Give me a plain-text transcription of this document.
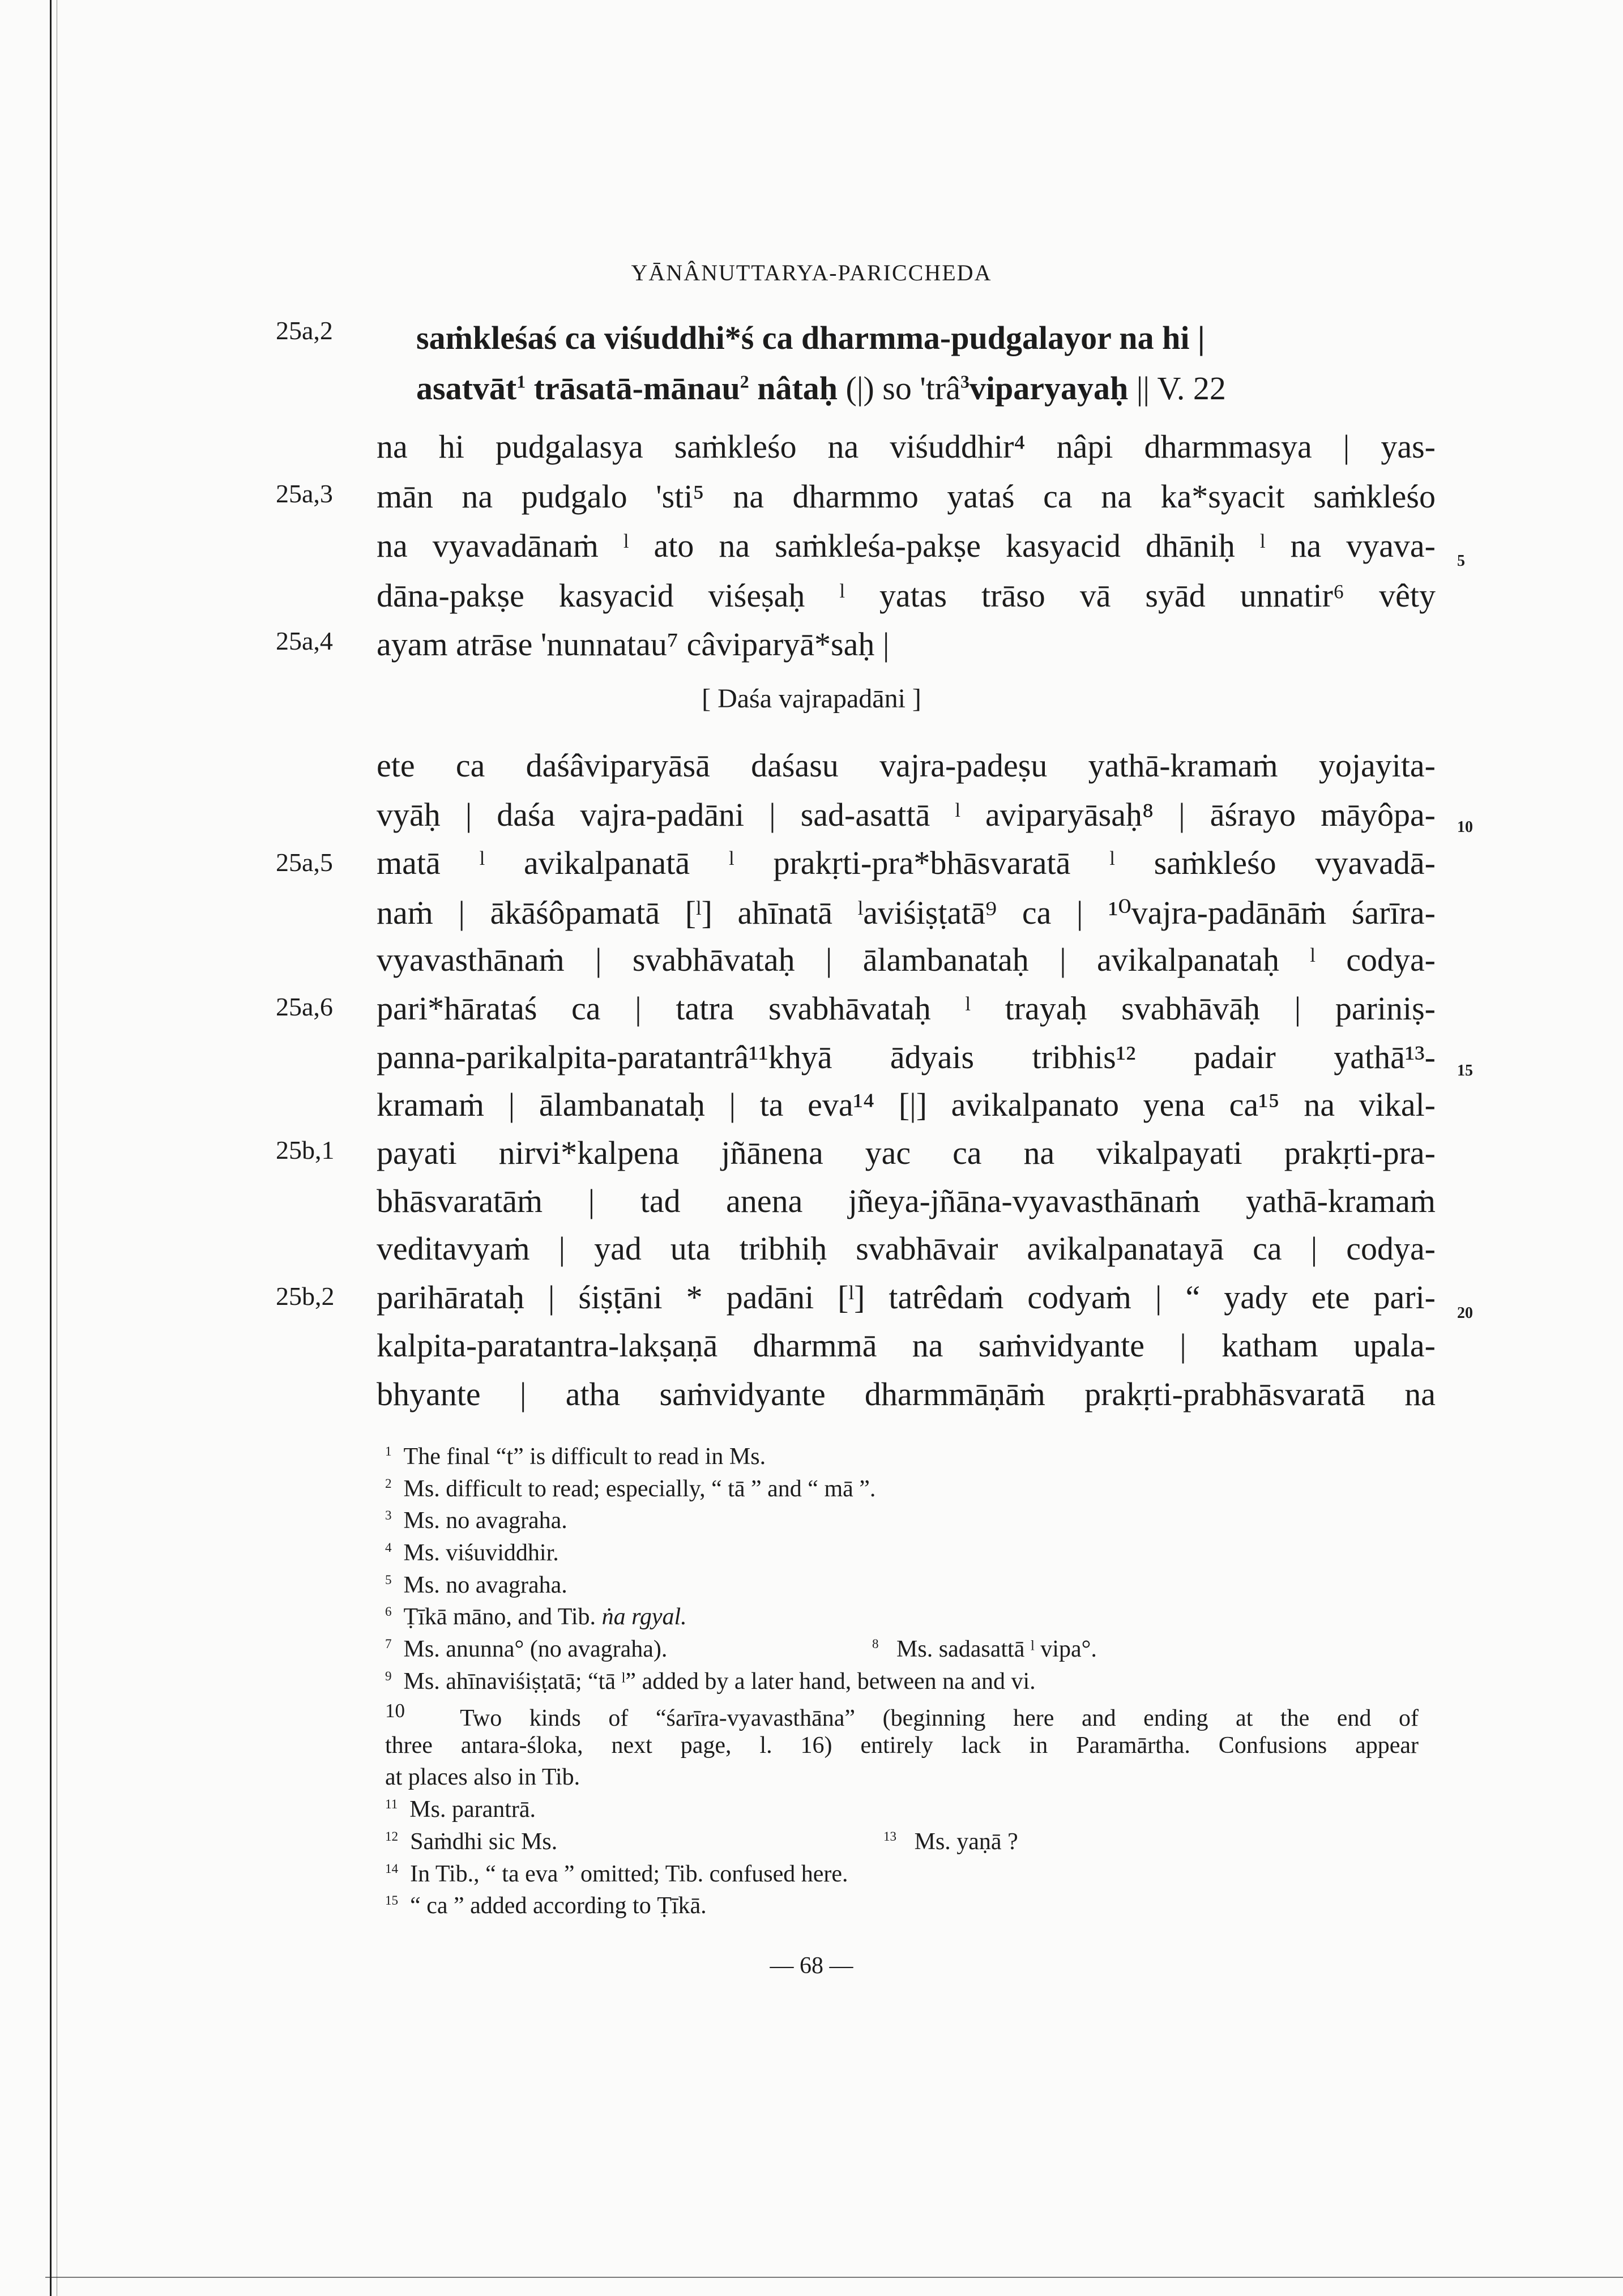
YĀNÂNUTTARYA-PARICCHEDA
25a,2
25a,3
25a,4
25a,5
25a,6
25b,1
25b,2
saṁkleśaś ca viśuddhi*ś ca dharmma-pudgalayor na hi |
asatvāt$^1$ trāsatā-mānau$^2$ nâtaḥ (|) so 'trâ$^3$viparyayaḥ || V. 22
na hi pudgalasya saṁkleśo na viśuddhir⁴ nâpi dharmmasya | yas-
mān na pudgalo 'sti⁵ na dharmmo yataś ca na ka*syacit saṁkleśo
na vyavadānaṁ ˡ ato na saṁkleśa-pakṣe kasyacid dhāniḥ ˡ na vyava-
dāna-pakṣe kasyacid viśeṣaḥ ˡ yatas trāso vā syād unnatir⁶ vêty
ayam atrāse 'nunnatau⁷ câviparyā*saḥ |
[ Daśa vajrapadāni ]
ete ca daśâviparyāsā daśasu vajra-padeṣu yathā-kramaṁ yojayita-
vyāḥ | daśa vajra-padāni | sad-asattā ˡ aviparyāsaḥ⁸ | āśrayo māyôpa-
matā ˡ avikalpanatā ˡ prakṛti-pra*bhāsvaratā ˡ saṁkleśo vyavadā-
naṁ | ākāśôpamatā [ˡ] ahīnatā ˡaviśiṣṭatā⁹ ca | ¹⁰vajra-padānāṁ śarīra-
vyavasthānaṁ | svabhāvataḥ | ālambanataḥ | avikalpanataḥ ˡ codya-
pari*hārataś ca | tatra svabhāvataḥ ˡ trayaḥ svabhāvāḥ | pariniṣ-
panna-parikalpita-paratantrâ¹¹khyā ādyais tribhis¹² padair yathā¹³-
kramaṁ | ālambanataḥ | ta eva¹⁴ [|] avikalpanato yena ca¹⁵ na vikal-
payati nirvi*kalpena jñānena yac ca na vikalpayati prakṛti-pra-
bhāsvaratāṁ | tad anena jñeya-jñāna-vyavasthānaṁ yathā-kramaṁ
veditavyaṁ | yad uta tribhiḥ svabhāvair avikalpanatayā ca | codya-
parihārataḥ | śiṣṭāni * padāni [ˡ] tatrêdaṁ codyaṁ | “ yady ete pari-
kalpita-paratantra-lakṣaṇā dharmmā na saṁvidyante | katham upala-
bhyante | atha saṁvidyante dharmmāṇāṁ prakṛti-prabhāsvaratā na
5
10
15
20
$^1$ The final “t” is difficult to read in Ms.
$^2$ Ms. difficult to read; especially, “ tā ” and “ mā ”.
$^3$ Ms. no avagraha.
$^4$ Ms. viśuviddhir.
$^5$ Ms. no avagraha.
$^6$ Ṭīkā māno, and Tib. ṅa rgyal.
$^7$ Ms. anunna° (no avagraha).	$^8$ Ms. sadasattā ˡ vipa°.
$^9$ Ms. ahīnaviśiṣṭatā; “tā ˡ” added by a later hand, between na and vi.
$^{10}$ Two kinds of “śarīra-vyavasthāna” (beginning here and ending at the end of
three antara-śloka, next page, l. 16) entirely lack in Paramārtha. Confusions appear
at places also in Tib.
$^{11}$ Ms. parantrā.
$^{12}$ Saṁdhi sic Ms.	$^{13}$ Ms. yaṇā ?
$^{14}$ In Tib., “ ta eva ” omitted; Tib. confused here.
$^{15}$ “ ca ” added according to Ṭīkā.
— 68 —
